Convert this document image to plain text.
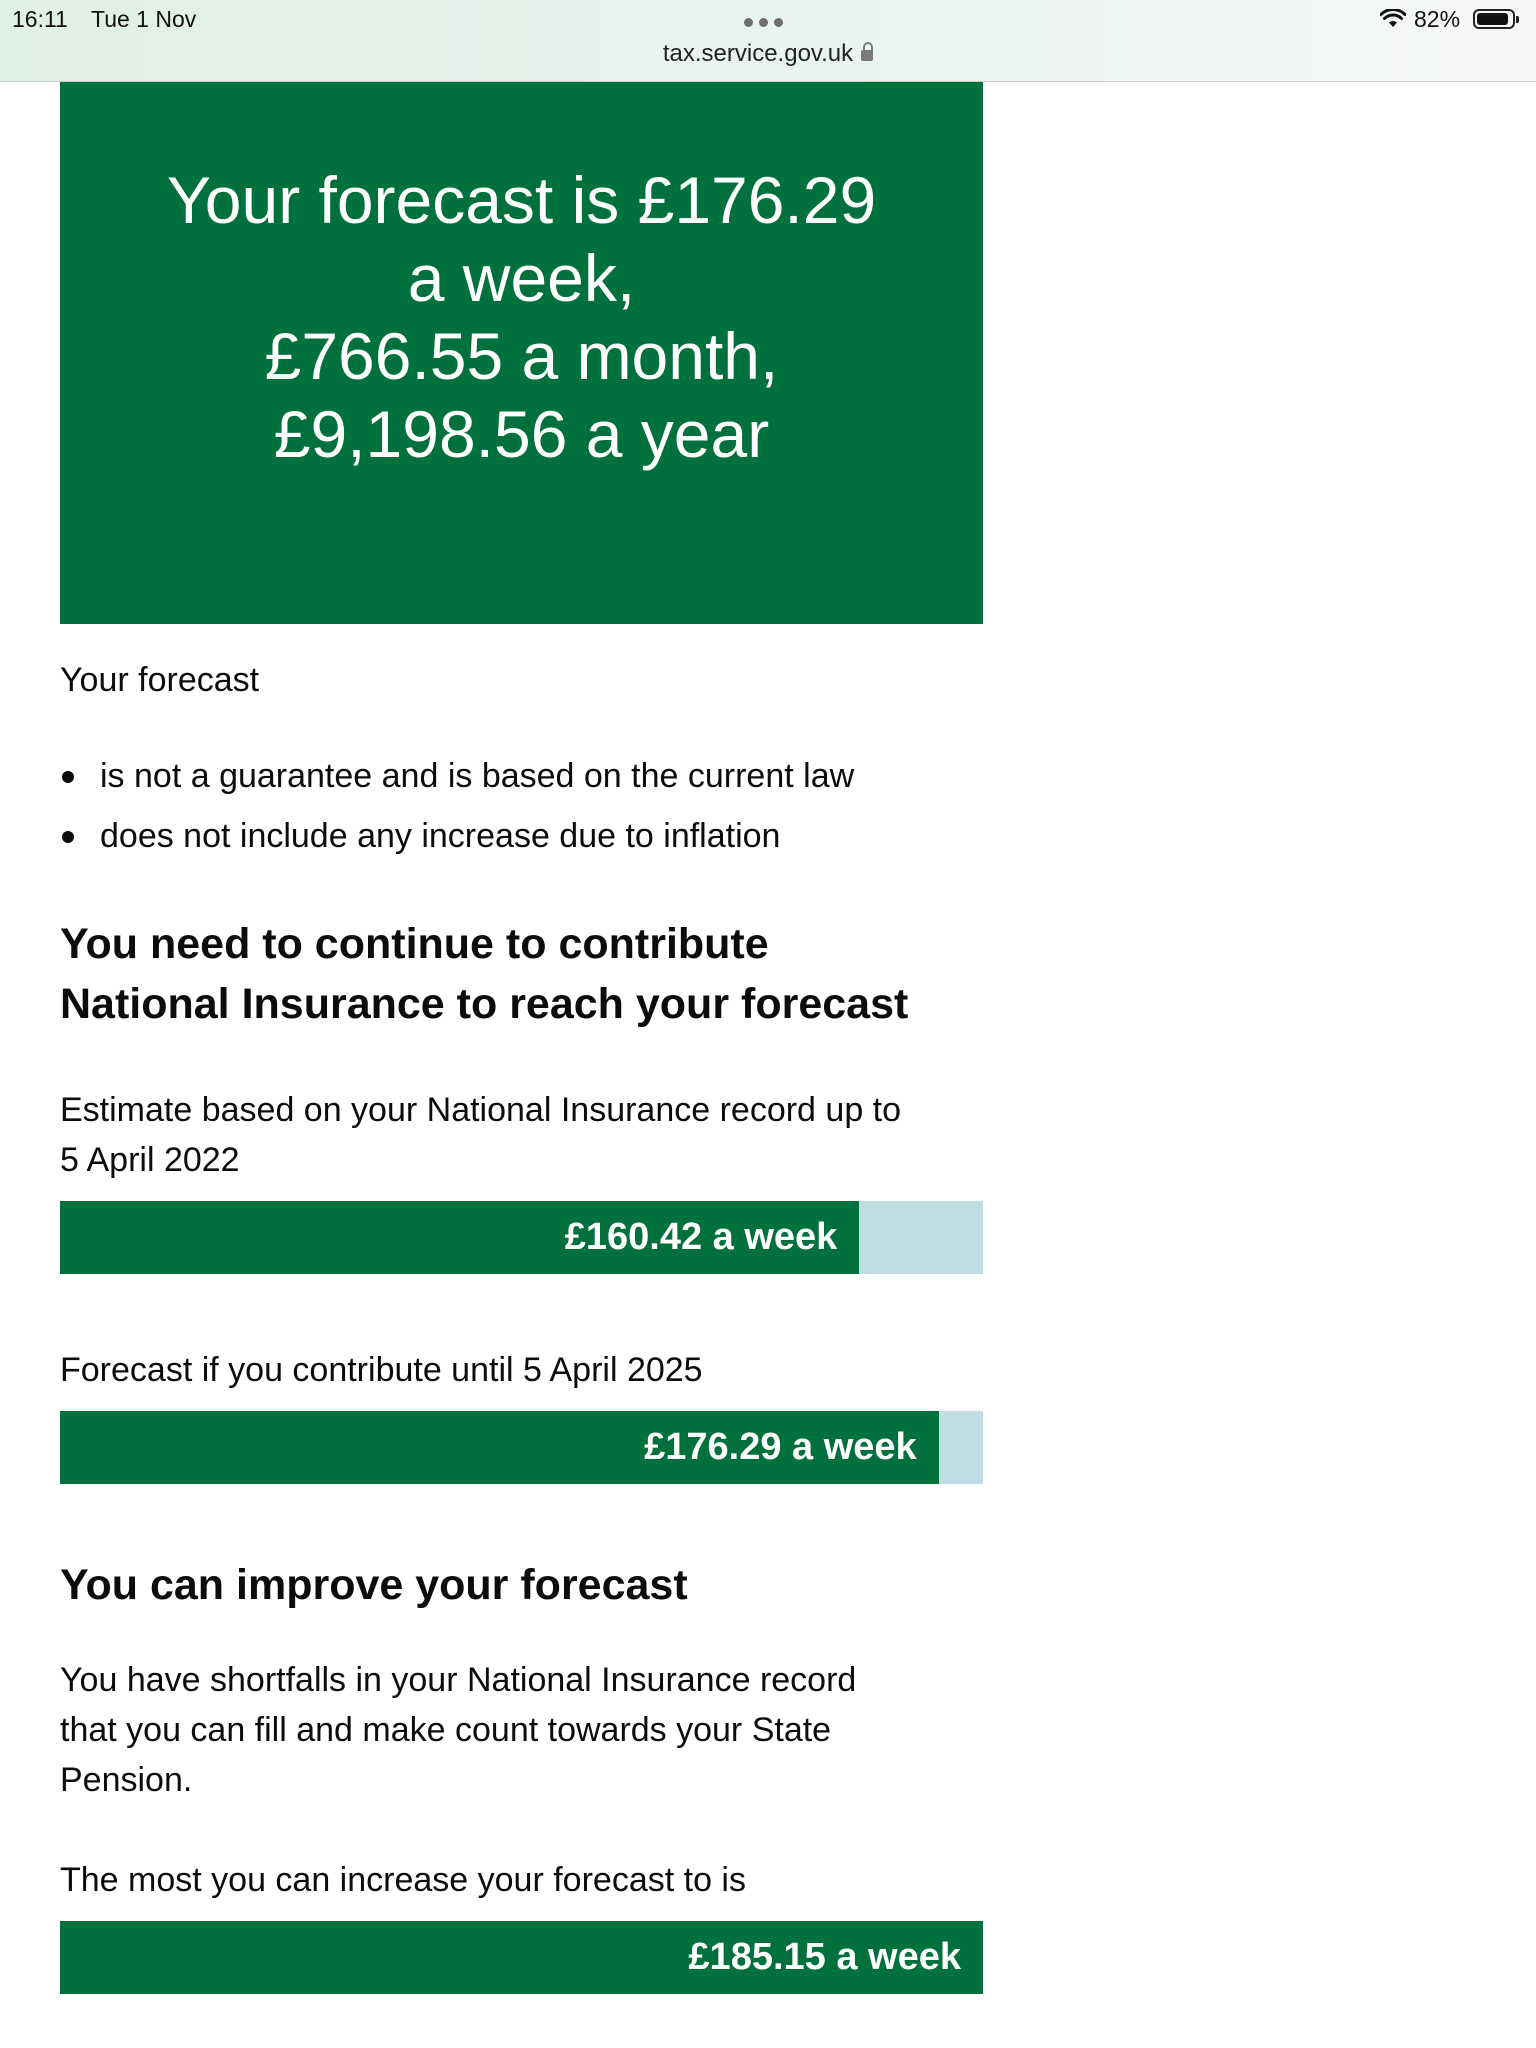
16:11 Tue 1 Nov
tax.service.gov.uk
82%
Your forecast is £176.29
a week,
£766.55 a month,
£9,198.56 a year
Your forecast
is not a guarantee and is based on the current law
does not include any increase due to inflation
You need to continue to contribute
National Insurance to reach your forecast
Estimate based on your National Insurance record up to
5 April 2022
£160.42 a week
Forecast if you contribute until 5 April 2025
£176.29 a week
You can improve your forecast
You have shortfalls in your National Insurance record
that you can fill and make count towards your State
Pension.
The most you can increase your forecast to is
£185.15 a week
